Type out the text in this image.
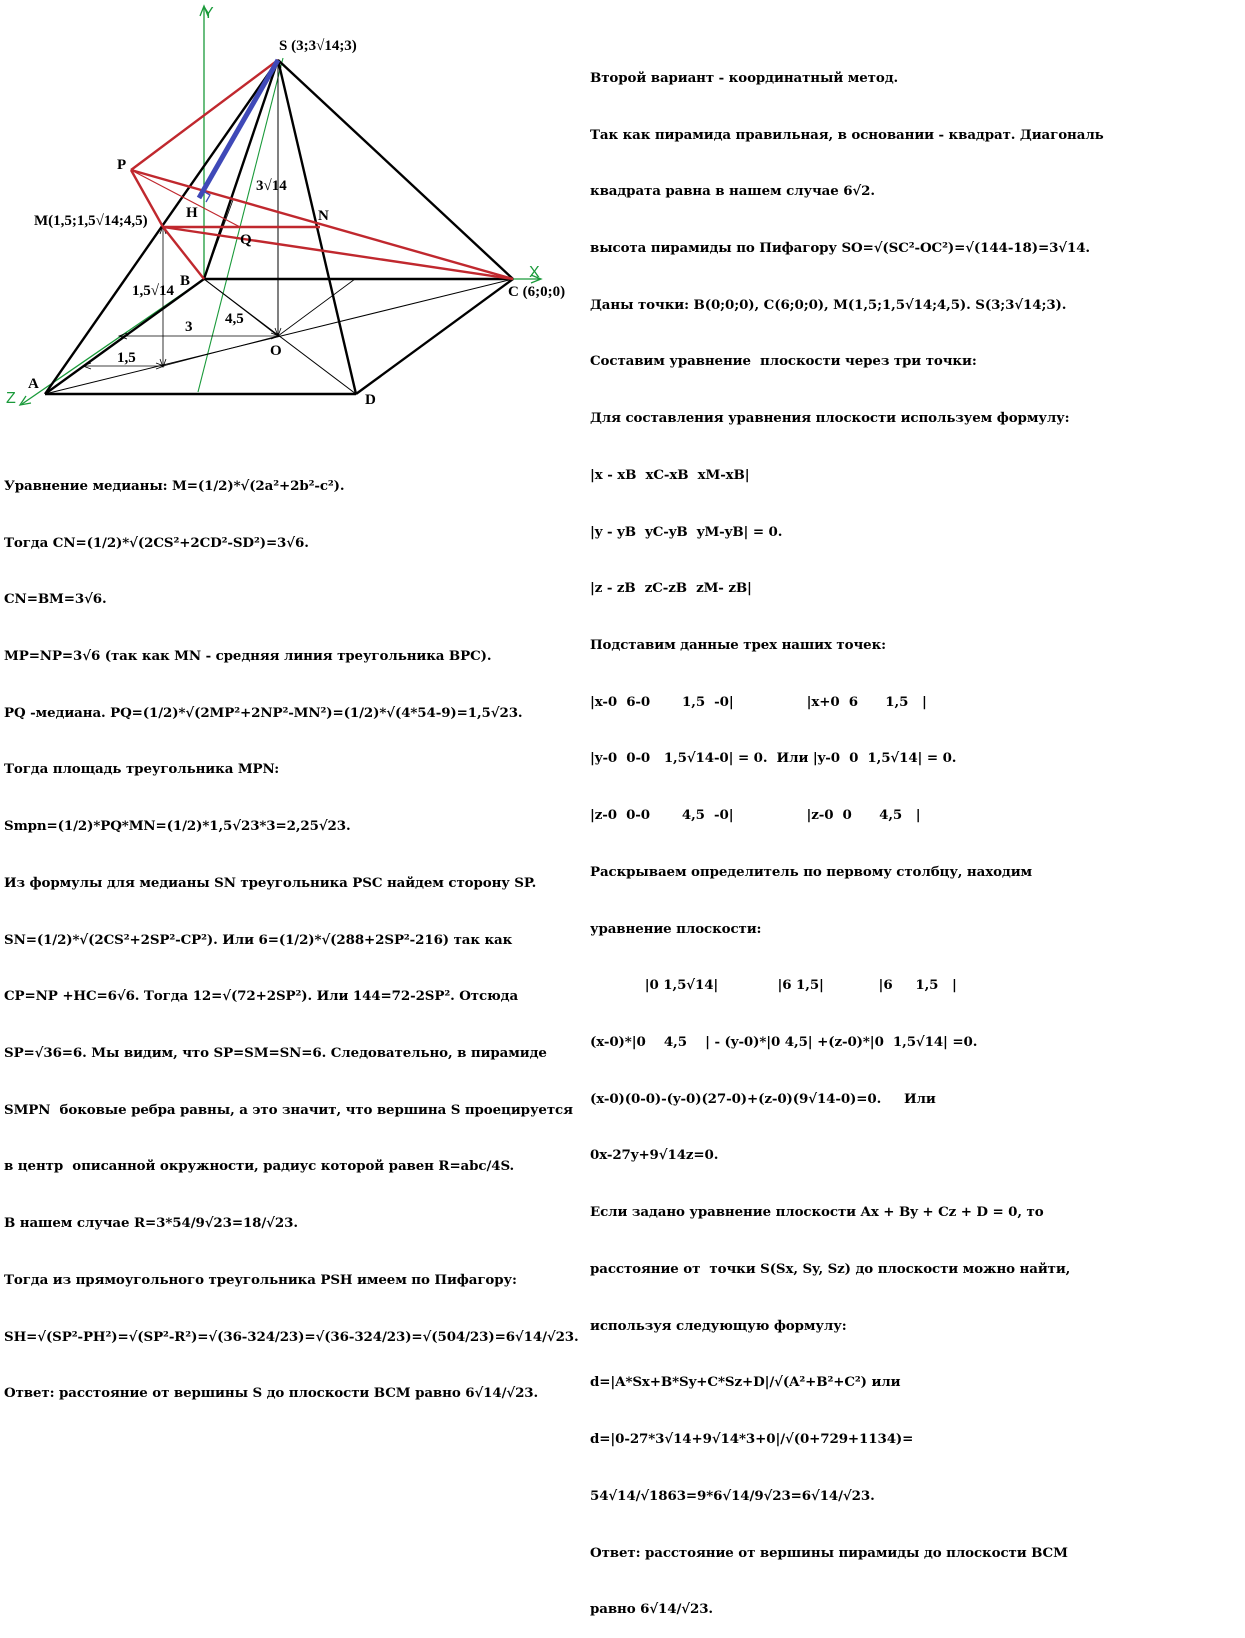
Y
X
Z
S (3;3√14;3)
P
M(1,5;1,5√14;4,5)	H	N
Q
B
C (6;0;0)
A
D
O
3√14
1,5√14
3 4,5
1,5

Уравнение медианы: M=(1/2)*√(2a²+2b²-c²).

Тогда CN=(1/2)*√(2CS²+2CD²-SD²)=3√6.

CN=BM=3√6.

MP=NP=3√6 (так как MN - средняя линия треугольника BPC).

PQ -медиана. PQ=(1/2)*√(2MP²+2NP²-MN²)=(1/2)*√(4*54-9)=1,5√23.

Тогда площадь треугольника MPN:

Smpn=(1/2)*PQ*MN=(1/2)*1,5√23*3=2,25√23.

Из формулы для медианы SN треугольника PSC найдем сторону SP.

SN=(1/2)*√(2CS²+2SP²-CP²). Или 6=(1/2)*√(288+2SP²-216) так как

CP=NP +HC=6√6. Тогда 12=√(72+2SP²). Или 144=72-2SP². Отсюда

SP=√36=6. Мы видим, что SP=SM=SN=6. Следовательно, в пирамиде

SMPN  боковые ребра равны, а это значит, что вершина S проецируется

в центр  описанной окружности, радиус которой равен R=abc/4S.

В нашем случае R=3*54/9√23=18/√23.

Тогда из прямоугольного треугольника PSH имеем по Пифагору:

SH=√(SP²-PH²)=√(SP²-R²)=√(36-324/23)=√(36-324/23)=√(504/23)=6√14/√23.

Ответ: расстояние от вершины S до плоскости BCM равно 6√14/√23.

Второй вариант - координатный метод.

Так как пирамида правильная, в основании - квадрат. Диагональ

квадрата равна в нашем случае 6√2.

высота пирамиды по Пифагору SO=√(SC²-OC²)=√(144-18)=3√14.

Даны точки: B(0;0;0), C(6;0;0), M(1,5;1,5√14;4,5). S(3;3√14;3).

Составим уравнение  плоскости через три точки:

Для составления уравнения плоскости используем формулу:

|x - xB  xC-xB  xM-xB|

|y - yB  yC-yB  yM-yB| = 0.

|z - zB  zC-zB  zM- zB|

Подставим данные трех наших точек:

|x-0  6-0       1,5  -0|                |x+0  6      1,5   |

|y-0  0-0   1,5√14-0| = 0.  Или |y-0  0  1,5√14| = 0.

|z-0  0-0       4,5  -0|                |z-0  0      4,5   |

Раскрываем определитель по первому столбцу, находим

уравнение плоскости:

|0 1,5√14|             |6 1,5|            |6     1,5   |

(x-0)*|0    4,5    | - (y-0)*|0 4,5| +(z-0)*|0  1,5√14| =0.

(x-0)(0-0)-(y-0)(27-0)+(z-0)(9√14-0)=0.     Или

0x-27y+9√14z=0.

Если задано уравнение плоскости Ax + By + Cz + D = 0, то

расстояние от  точки S(Sx, Sy, Sz) до плоскости можно найти,

используя следующую формулу:

d=|A*Sx+B*Sy+C*Sz+D|/√(A²+B²+C²) или

d=|0-27*3√14+9√14*3+0|/√(0+729+1134)=

54√14/√1863=9*6√14/9√23=6√14/√23.

Ответ: расстояние от вершины пирамиды до плоскости BCM

равно 6√14/√23.
